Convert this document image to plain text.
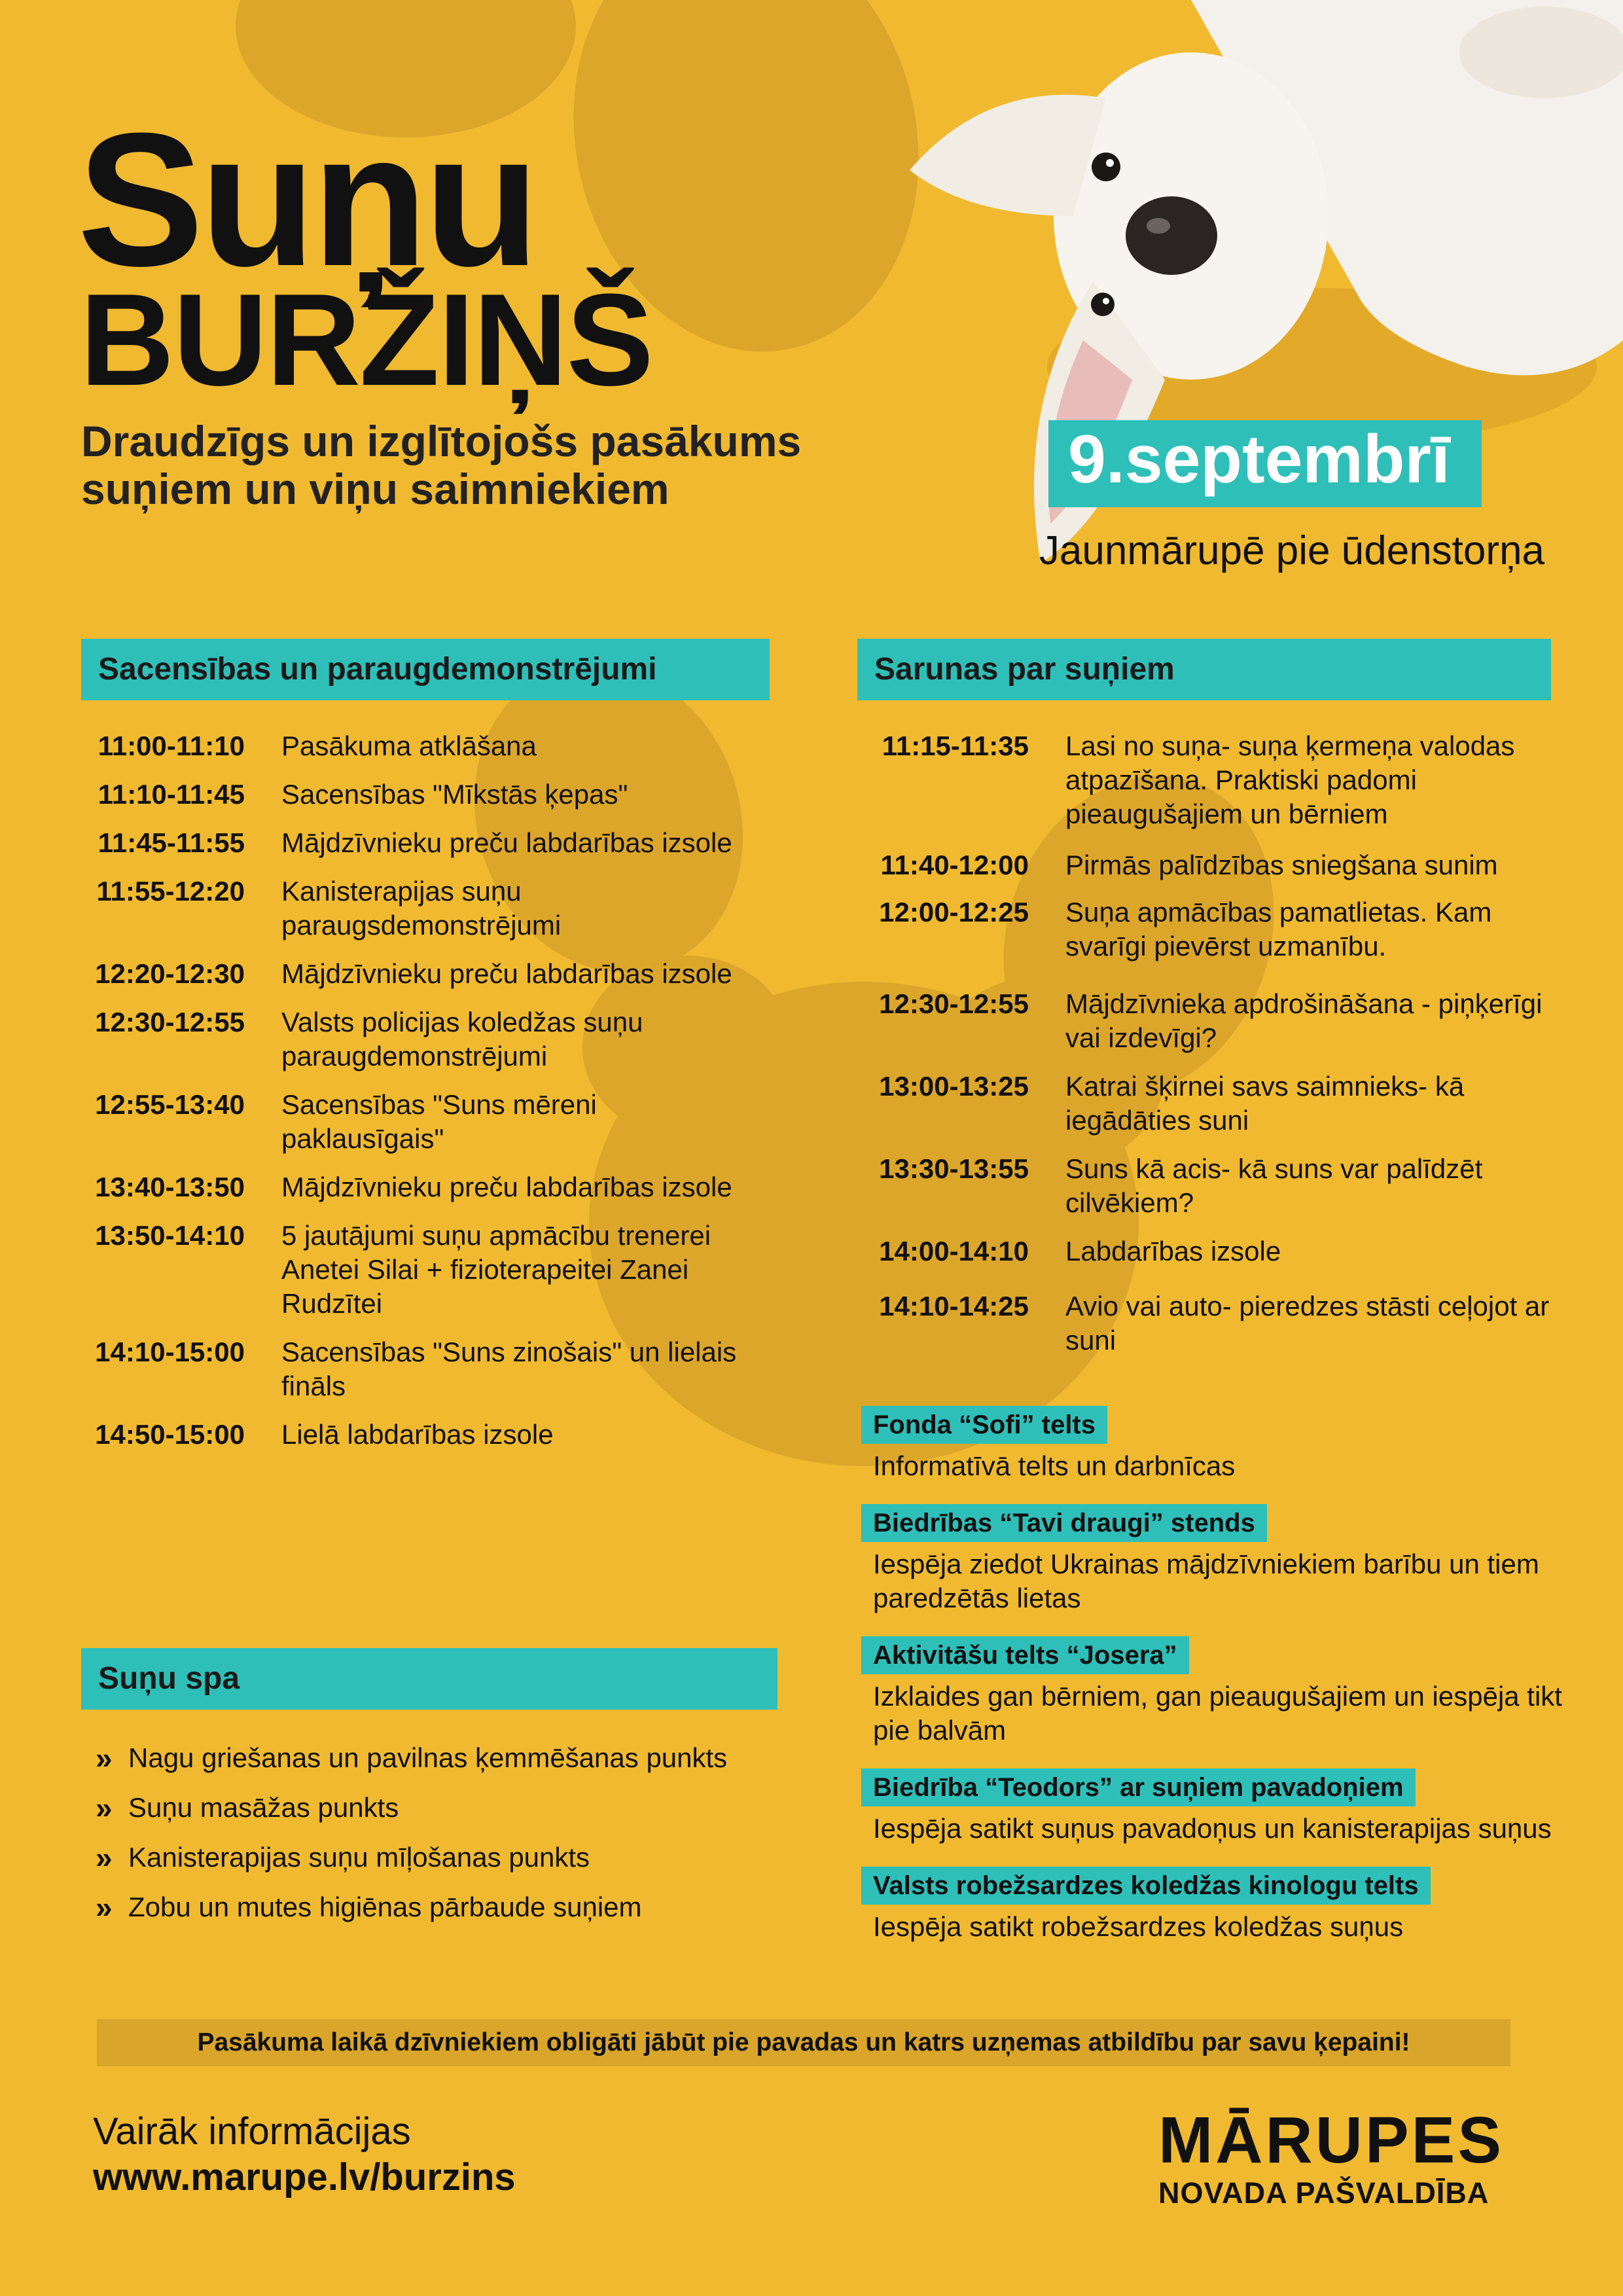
Suņu
BURŽIŅŠ
Draudzīgs un izglītojošs pasākums
suņiem un viņu saimniekiem	9.septembrī
Jaunmārupē pie ūdenstorņa
Sacensības un paraugdemonstrējumi
11:00-11:10 Pasākuma atklāšana
11:10-11:45 Sacensības "Mīkstās ķepas"
11:45-11:55 Mājdzīvnieku preču labdarības izsole
11:55-12:20 Kanisterapijas suņu paraugsdemonstrējumi
12:20-12:30 Mājdzīvnieku preču labdarības izsole
12:30-12:55 Valsts policijas koledžas suņu paraugdemonstrējumi
12:55-13:40 Sacensības "Suns mēreni paklausīgais"
13:40-13:50 Mājdzīvnieku preču labdarības izsole
13:50-14:10 5 jautājumi suņu apmācību trenerei Anetei Silai + fizioterapeitei Zanei Rudzītei
14:10-15:00 Sacensības "Suns zinošais" un lielais fināls
14:50-15:00 Lielā labdarības izsole
Sarunas par suņiem
11:15-11:35 Lasi no suņa- suņa ķermeņa valodas atpazīšana. Praktiski padomi pieaugušajiem un bērniem
11:40-12:00 Pirmās palīdzības sniegšana sunim
12:00-12:25 Suņa apmācības pamatlietas. Kam svarīgi pievērst uzmanību.
12:30-12:55 Mājdzīvnieka apdrošināšana - piņķerīgi vai izdevīgi?
13:00-13:25 Katrai šķirnei savs saimnieks- kā iegādāties suni
13:30-13:55 Suns kā acis- kā suns var palīdzēt cilvēkiem?
14:00-14:10 Labdarības izsole
14:10-14:25 Avio vai auto- pieredzes stāsti ceļojot ar suni
Fonda “Sofi” telts
Informatīvā telts un darbnīcas
Biedrības “Tavi draugi” stends
Iespēja ziedot Ukrainas mājdzīvniekiem barību un tiem paredzētās lietas
Aktivitāšu telts “Josera”
Izklaides gan bērniem, gan pieaugušajiem un iespēja tikt pie balvām
Biedrība “Teodors” ar suņiem pavadoņiem
Iespēja satikt suņus pavadoņus un kanisterapijas suņus
Valsts robežsardzes koledžas kinologu telts
Iespēja satikt robežsardzes koledžas suņus
Suņu spa
» Nagu griešanas un pavilnas ķemmēšanas punkts
» Suņu masāžas punkts
» Kanisterapijas suņu mīļošanas punkts
» Zobu un mutes higiēnas pārbaude suņiem
Pasākuma laikā dzīvniekiem obligāti jābūt pie pavadas un katrs uzņemas atbildību par savu ķepaini!
Vairāk informācijas
www.marupe.lv/burzins
MĀRUPES
NOVADA PAŠVALDĪBA
